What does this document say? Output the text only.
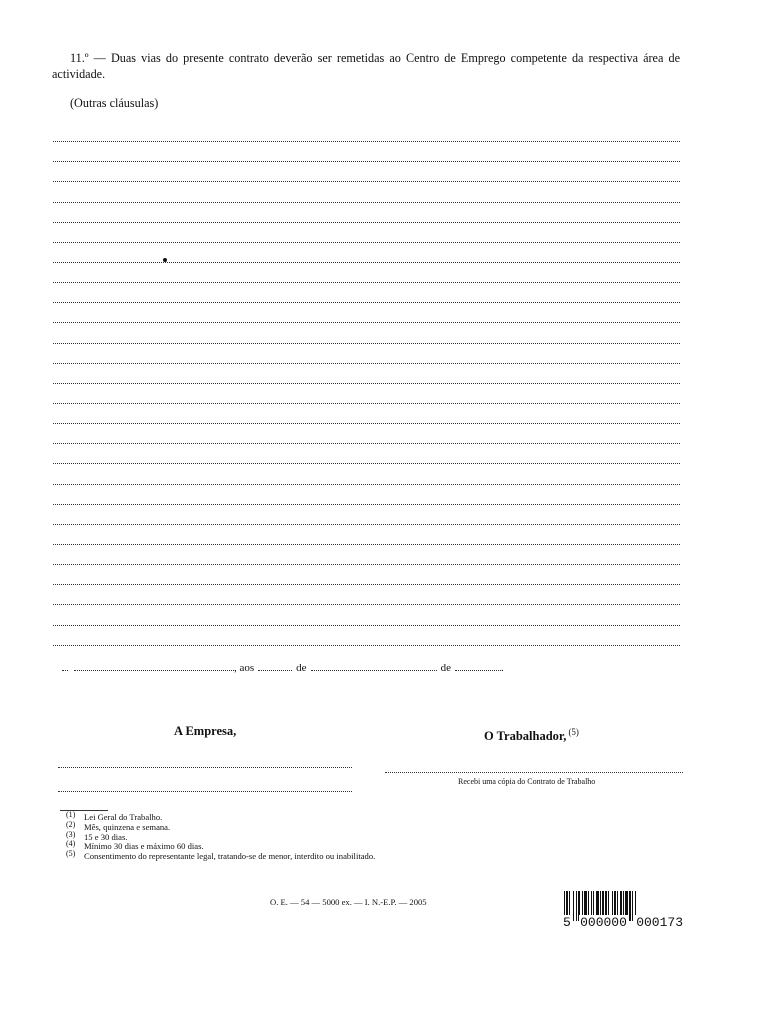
11.º — Duas vias do presente contrato deverão ser remetidas ao Centro de Emprego competente da respectiva área de actividade.
(Outras cláusulas)
, aos	de	de	.
A Empresa,	O Trabalhador, $^{(5)}$
Recebi uma cópia do Contrato de Trabalho
(1)	Lei Geral do Trabalho.
(2)	Mês, quinzena e semana.
(3)	15 e 30 dias.
(4)	Mínimo 30 dias e máximo 60 dias.
(5)	Consentimento do representante legal, tratando-se de menor, interdito ou inabilitado.
O. E. — 54 — 5000 ex. — I. N.-E.P. — 2005
5 000000 000173
